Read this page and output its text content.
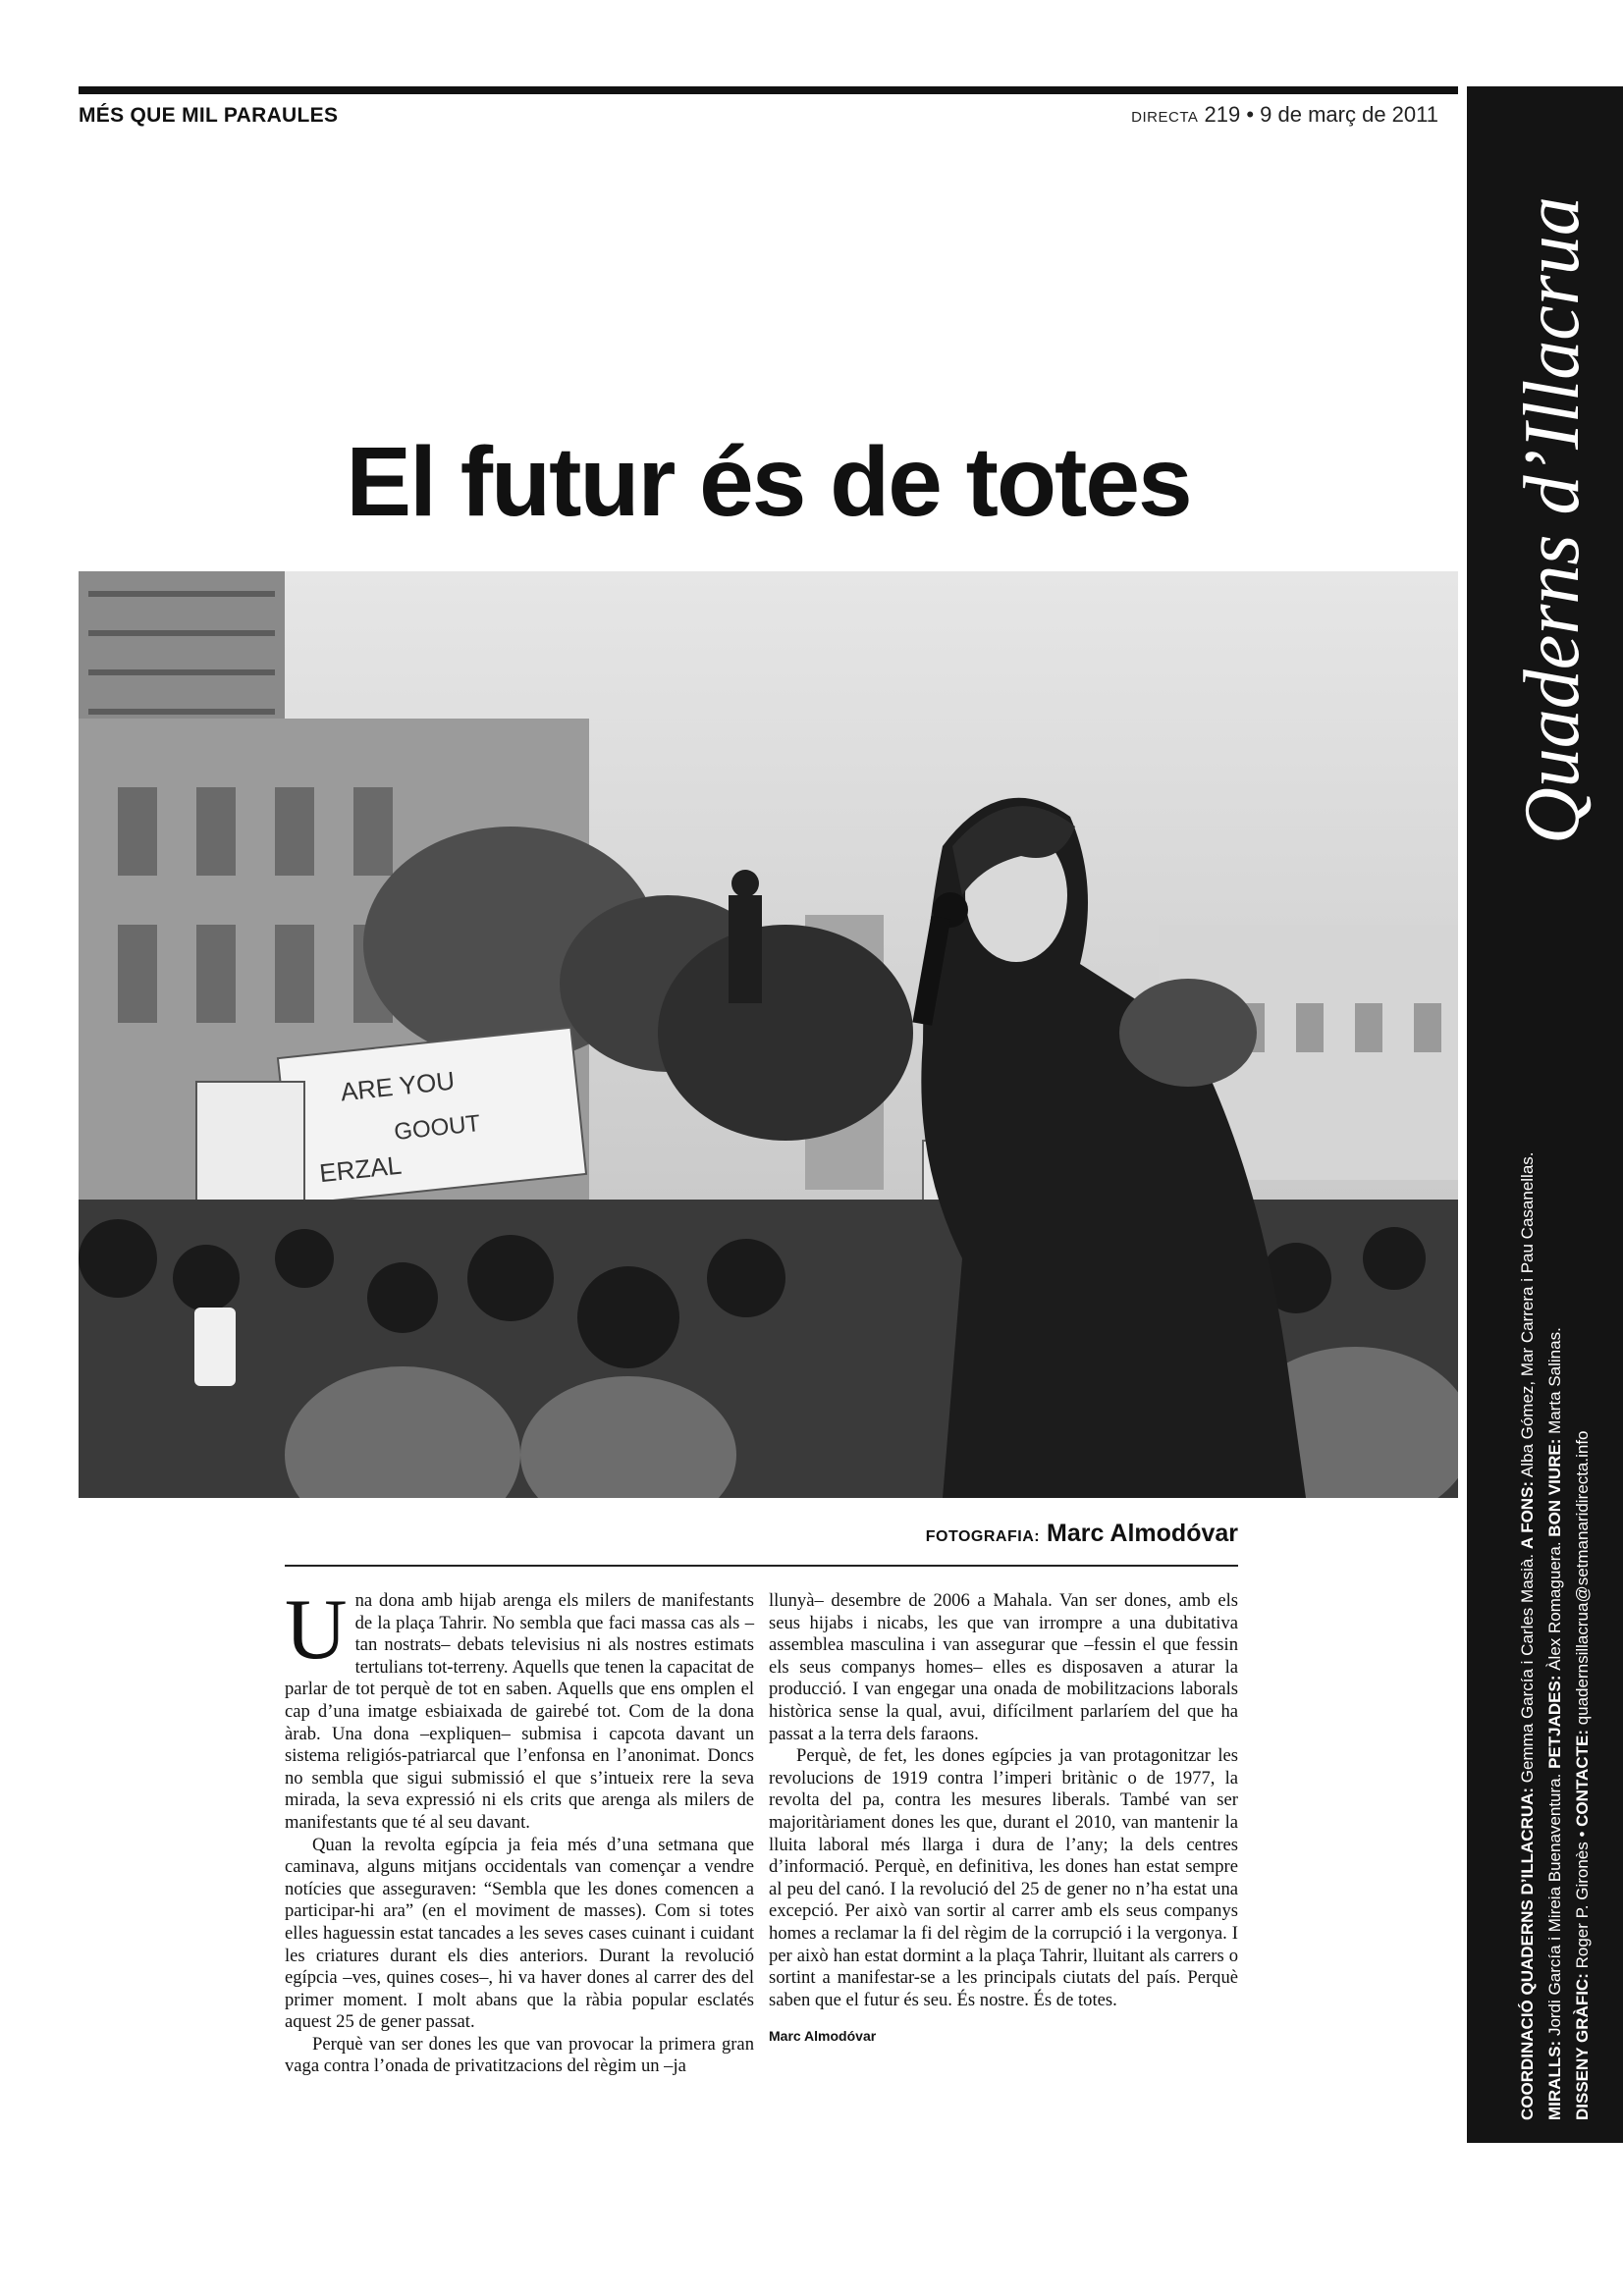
MÉS QUE MIL PARAULES	DIRECTA 219 • 9 de març de 2011
Quaderns d’Illacrua
COORDINACIÓ QUADERNS D’ILLACRUA: Gemma García i Carles Masià. A FONS: Alba Gómez, Mar Carrera i Pau Casanellas.
MIRALLS: Jordi García i Mireia Buenaventura. PETJADES: Àlex Romaguera. BON VIURE: Marta Salinas.
DISSENY GRÀFIC: Roger P. Gironès • CONTACTE: quadernsillacrua@setmanaridirecta.info
El futur és de totes
ARE YOU
GOOUT
ERZAL
FOTOGRAFIA: Marc Almodóvar

Una dona amb hijab arenga els milers de manifestants de la plaça Tahrir. No sembla que faci massa cas als –tan nostrats– debats televisius ni als nostres estimats tertulians tot-terreny. Aquells que tenen la capacitat de parlar de tot perquè de tot en saben. Aquells que ens omplen el cap d’una imatge esbiaixada de gairebé tot. Com de la dona àrab. Una dona –expliquen– submisa i capcota davant un sistema religiós-patriarcal que l’enfonsa en l’anonimat. Doncs no sembla que sigui submissió el que s’intueix rere la seva mirada, la seva expressió ni els crits que arenga als milers de manifestants que té al seu davant.

Quan la revolta egípcia ja feia més d’una setmana que caminava, alguns mitjans occidentals van començar a vendre notícies que asseguraven: “Sembla que les dones comencen a participar-hi ara” (en el moviment de masses). Com si totes elles haguessin estat tancades a les seves cases cuinant i cuidant les criatures durant els dies anteriors. Durant la revolució egípcia –ves, quines coses–, hi va haver dones al carrer des del primer moment. I molt abans que la ràbia popular esclatés aquest 25 de gener passat.

Perquè van ser dones les que van provocar la primera gran vaga contra l’onada de privatitzacions del règim un –ja

llunyà– desembre de 2006 a Mahala. Van ser dones, amb els seus hijabs i nicabs, les que van irrompre a una dubitativa assemblea masculina i van assegurar que –fessin el que fessin els seus companys homes– elles es disposaven a aturar la producció. I van engegar una onada de mobilitzacions laborals històrica sense la qual, avui, difícilment parlaríem del que ha passat a la terra dels faraons.

Perquè, de fet, les dones egípcies ja van protagonitzar les revolucions de 1919 contra l’imperi britànic o de 1977, la revolta del pa, contra les mesures liberals. També van ser majoritàriament dones les que, durant el 2010, van mantenir la lluita laboral més llarga i dura de l’any; la dels centres d’informació. Perquè, en definitiva, les dones han estat sempre al peu del canó. I la revolució del 25 de gener no n’ha estat una excepció. Per això van sortir al carrer amb els seus companys homes a reclamar la fi del règim de la corrupció i la vergonya. I per això han estat dormint a la plaça Tahrir, lluitant als carrers o sortint a manifestar-se a les principals ciutats del país. Perquè saben que el futur és seu. És nostre. És de totes.

Marc Almodóvar
